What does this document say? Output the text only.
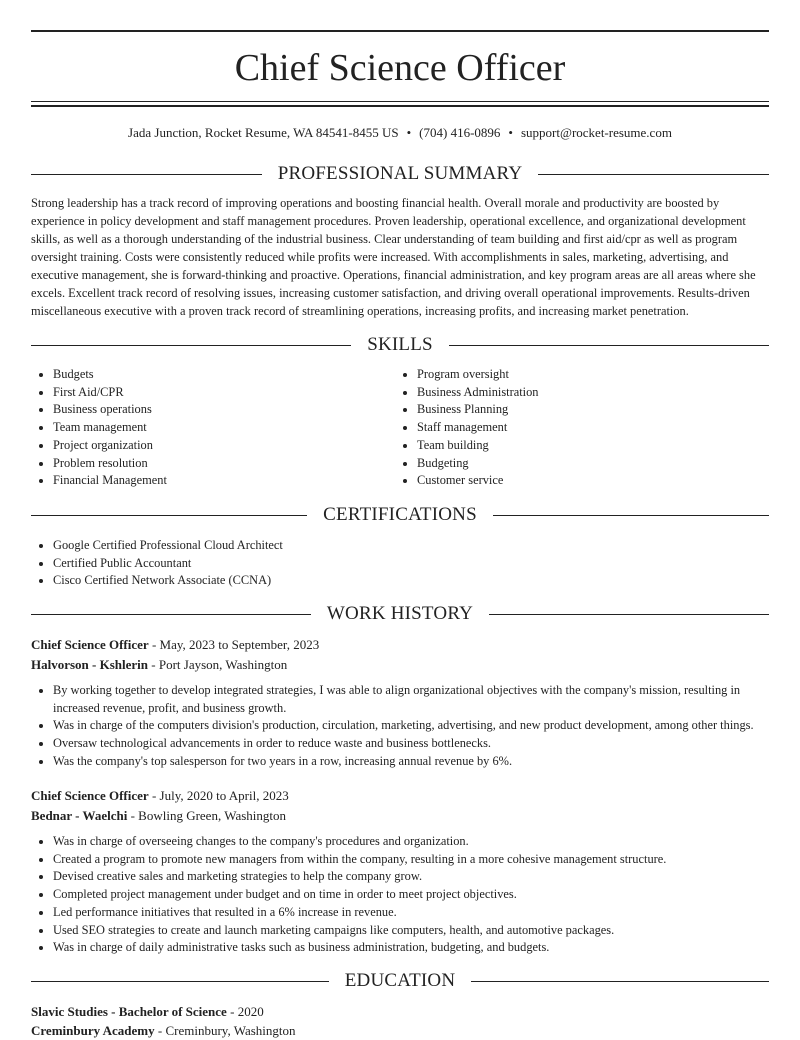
Chief Science Officer
Jada Junction, Rocket Resume, WA 84541-8455 US • (704) 416-0896 • support@rocket-resume.com
PROFESSIONAL SUMMARY

Strong leadership has a track record of improving operations and boosting financial health. Overall morale and productivity are boosted by experience in policy development and staff management procedures. Proven leadership, operational excellence, and organizational development skills, as well as a thorough understanding of the industrial business. Clear understanding of team building and first aid/cpr as well as program oversight training. Costs were consistently reduced while profits were increased. With accomplishments in sales, marketing, advertising, and executive management, she is forward-thinking and proactive. Operations, financial administration, and key program areas are all areas where she excels. Excellent track record of resolving issues, increasing customer satisfaction, and driving overall operational improvements. Results-driven miscellaneous executive with a proven track record of streamlining operations, increasing profits, and increasing market penetration.

SKILLS
Budgets
First Aid/CPR
Business operations
Team management
Project organization
Problem resolution
Financial Management
Program oversight
Business Administration
Business Planning
Staff management
Team building
Budgeting
Customer service
CERTIFICATIONS
Google Certified Professional Cloud Architect
Certified Public Accountant
Cisco Certified Network Associate (CCNA)
WORK HISTORY
Chief Science Officer - May, 2023 to September, 2023
Halvorson - Kshlerin - Port Jayson, Washington
By working together to develop integrated strategies, I was able to align organizational objectives with the company's mission, resulting in increased revenue, profit, and business growth.
Was in charge of the computers division's production, circulation, marketing, advertising, and new product development, among other things.
Oversaw technological advancements in order to reduce waste and business bottlenecks.
Was the company's top salesperson for two years in a row, increasing annual revenue by 6%.
Chief Science Officer - July, 2020 to April, 2023
Bednar - Waelchi - Bowling Green, Washington
Was in charge of overseeing changes to the company's procedures and organization.
Created a program to promote new managers from within the company, resulting in a more cohesive management structure.
Devised creative sales and marketing strategies to help the company grow.
Completed project management under budget and on time in order to meet project objectives.
Led performance initiatives that resulted in a 6% increase in revenue.
Used SEO strategies to create and launch marketing campaigns like computers, health, and automotive packages.
Was in charge of daily administrative tasks such as business administration, budgeting, and budgets.
EDUCATION
Slavic Studies - Bachelor of Science - 2020
Creminbury Academy - Creminbury, Washington
